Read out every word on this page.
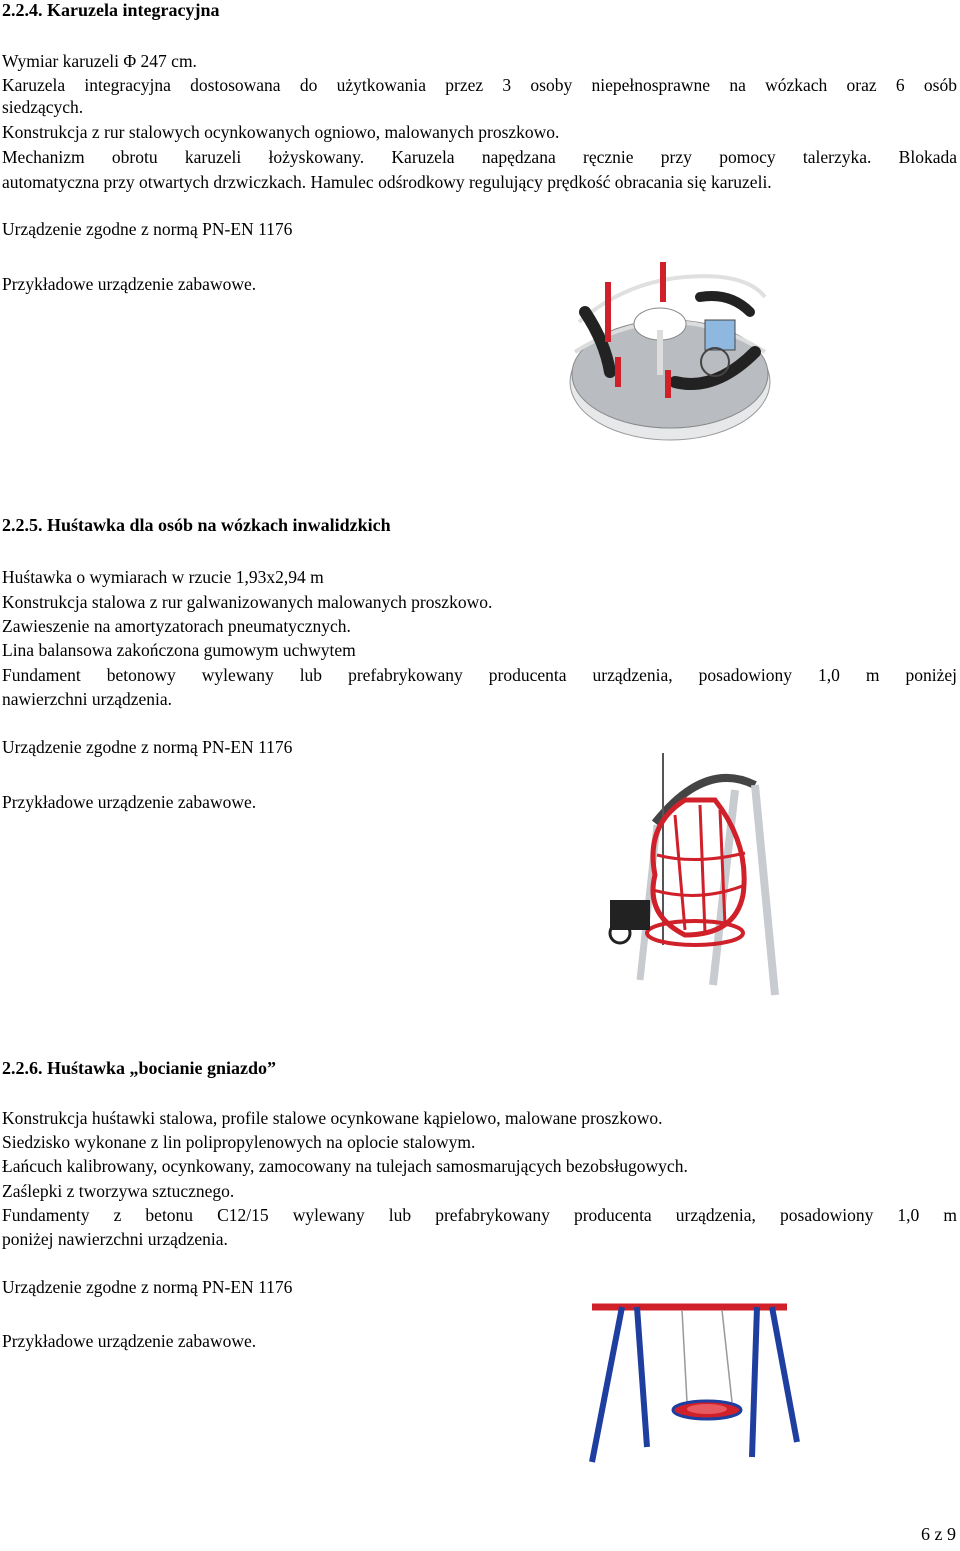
2.2.4. Karuzela integracyjna
Wymiar karuzeli Φ 247 cm.
Karuzela integracyjna dostosowana do użytkowania przez 3 osoby niepełnosprawne na wózkach oraz 6 osób
siedzących.
Konstrukcja z rur stalowych ocynkowanych ogniowo, malowanych proszkowo.
Mechanizm obrotu karuzeli łożyskowany. Karuzela napędzana ręcznie przy pomocy talerzyka. Blokada
automatyczna przy otwartych drzwiczkach. Hamulec odśrodkowy regulujący prędkość obracania się karuzeli.
Urządzenie zgodne z normą PN-EN 1176
Przykładowe urządzenie zabawowe.
2.2.5. Huśtawka dla osób na wózkach inwalidzkich
Huśtawka o wymiarach w rzucie 1,93x2,94 m
Konstrukcja stalowa z rur galwanizowanych malowanych proszkowo.
Zawieszenie na amortyzatorach pneumatycznych.
Lina balansowa zakończona gumowym uchwytem
Fundament betonowy wylewany lub prefabrykowany producenta urządzenia, posadowiony 1,0 m poniżej
nawierzchni urządzenia.
Urządzenie zgodne z normą PN-EN 1176
Przykładowe urządzenie zabawowe.
2.2.6. Huśtawka „bocianie gniazdo”
Konstrukcja huśtawki stalowa, profile stalowe ocynkowane kąpielowo, malowane proszkowo.
Siedzisko wykonane z lin polipropylenowych na oplocie stalowym.
Łańcuch kalibrowany, ocynkowany, zamocowany na tulejach samosmarujących bezobsługowych.
Zaślepki z tworzywa sztucznego.
Fundamenty z betonu C12/15 wylewany lub prefabrykowany producenta urządzenia, posadowiony 1,0 m
poniżej nawierzchni urządzenia.
Urządzenie zgodne z normą PN-EN 1176
Przykładowe urządzenie zabawowe.
6 z 9
